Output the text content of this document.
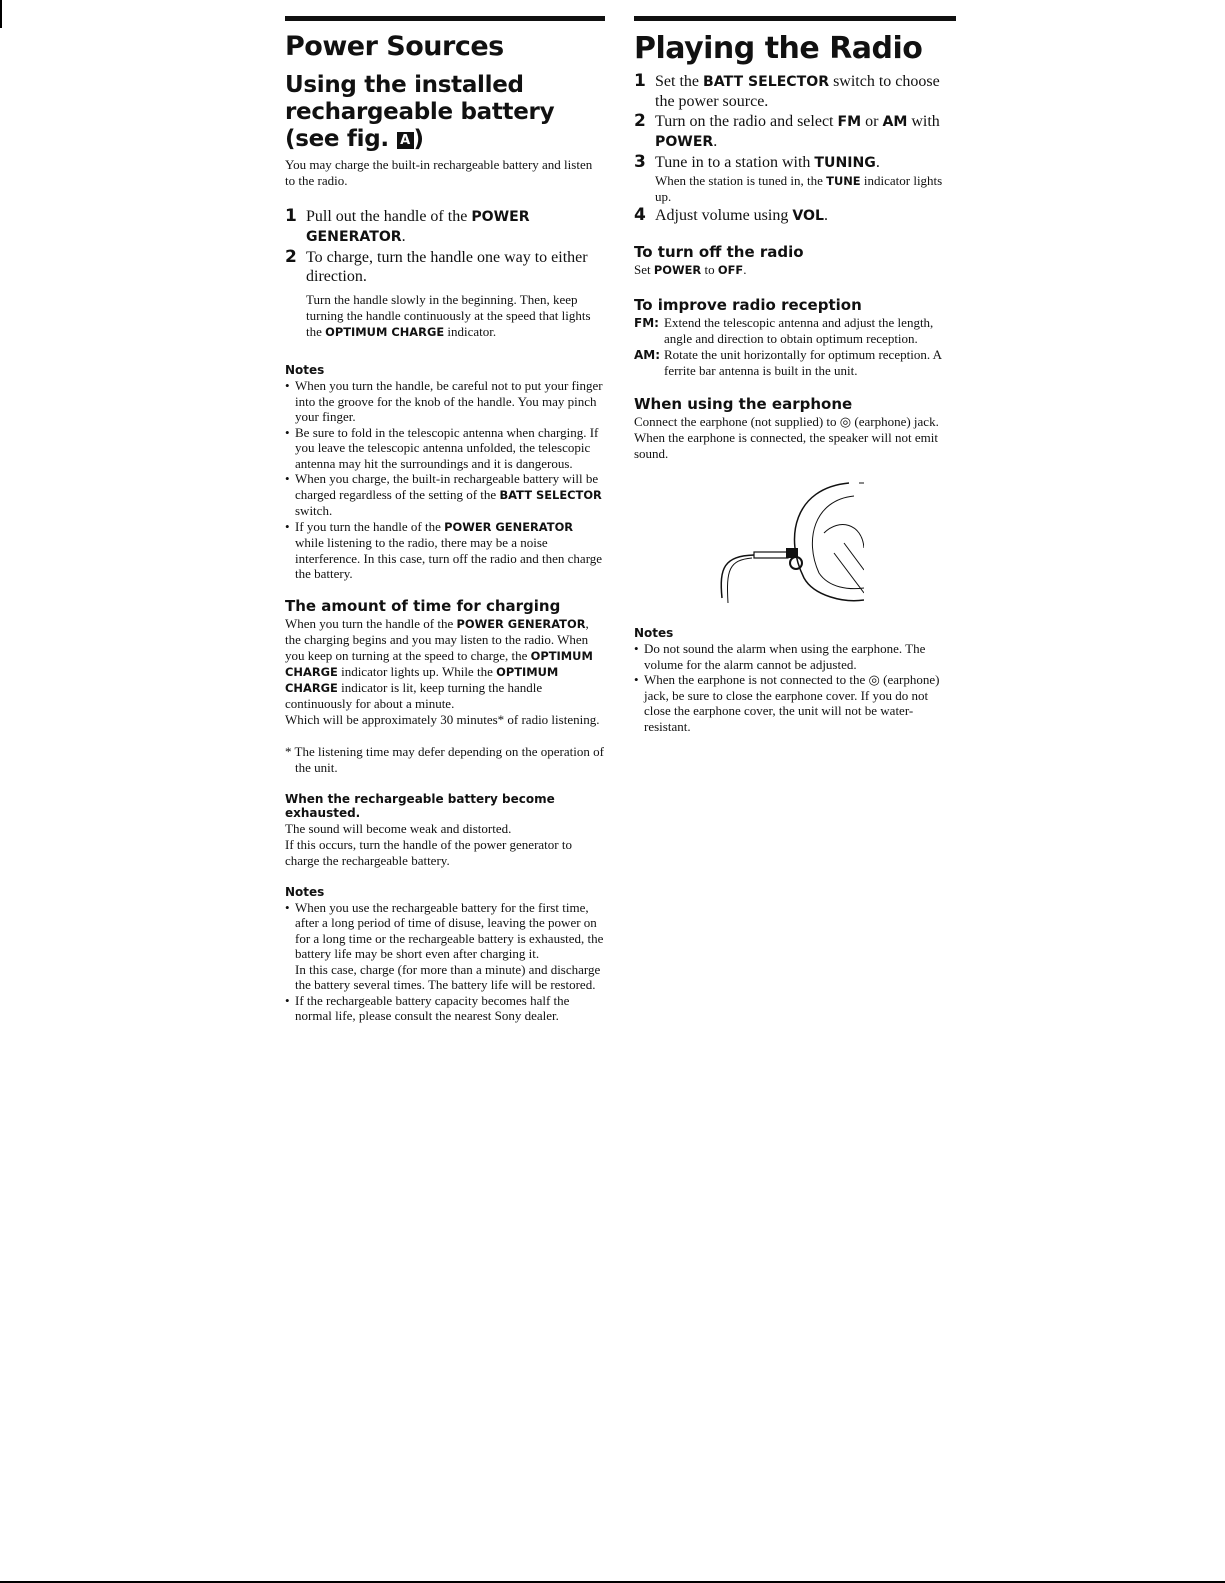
Power Sources
Using the installed rechargeable battery (see fig. A )

You may charge the built-in rechargeable battery and listen to the radio.

1 Pull out the handle of the POWER GENERATOR.
2 To charge, turn the handle one way to either direction.

Turn the handle slowly in the beginning. Then, keep turning the handle continuously at the speed that lights the OPTIMUM CHARGE indicator.

Notes
• When you turn the handle, be careful not to put your finger into the groove for the knob of the handle. You may pinch your finger.
• Be sure to fold in the telescopic antenna when charging. If you leave the telescopic antenna unfolded, the telescopic antenna may hit the surroundings and it is dangerous.
• When you charge, the built-in rechargeable battery will be charged regardless of the setting of the BATT SELECTOR switch.
• If you turn the handle of the POWER GENERATOR while listening to the radio, there may be a noise interference. In this case, turn off the radio and then charge the battery.
The amount of time for charging

When you turn the handle of the POWER GENERATOR, the charging begins and you may listen to the radio. When you keep on turning at the speed to charge, the OPTIMUM CHARGE indicator lights up. While the OPTIMUM CHARGE indicator is lit, keep turning the handle continuously for about a minute.

Which will be approximately 30 minutes* of radio listening.

* The listening time may defer depending on the operation of the unit.

When the rechargeable battery become exhausted.

The sound will become weak and distorted.

If this occurs, turn the handle of the power generator to charge the rechargeable battery.

Notes
• When you use the rechargeable battery for the first time, after a long period of time of disuse, leaving the power on for a long time or the rechargeable battery is exhausted, the battery life may be short even after charging it.
In this case, charge (for more than a minute) and discharge the battery several times. The battery life will be restored.
• If the rechargeable battery capacity becomes half the normal life, please consult the nearest Sony dealer.
Playing the Radio
1 Set the BATT SELECTOR switch to choose the power source.
2 Turn on the radio and select FM or AM with POWER.
3 Tune in to a station with TUNING.

When the station is tuned in, the TUNE indicator lights up.

4 Adjust volume using VOL.
To turn off the radio

Set POWER to OFF.

To improve radio reception
FM: Extend the telescopic antenna and adjust the length, angle and direction to obtain optimum reception.
AM: Rotate the unit horizontally for optimum reception. A ferrite bar antenna is built in the unit.
When using the earphone

Connect the earphone (not supplied) to ◎ (earphone) jack.

When the earphone is connected, the speaker will not emit sound.

Notes
• Do not sound the alarm when using the earphone. The volume for the alarm cannot be adjusted.
• When the earphone is not connected to the ◎ (earphone) jack, be sure to close the earphone cover. If you do not close the earphone cover, the unit will not be water-resistant.
